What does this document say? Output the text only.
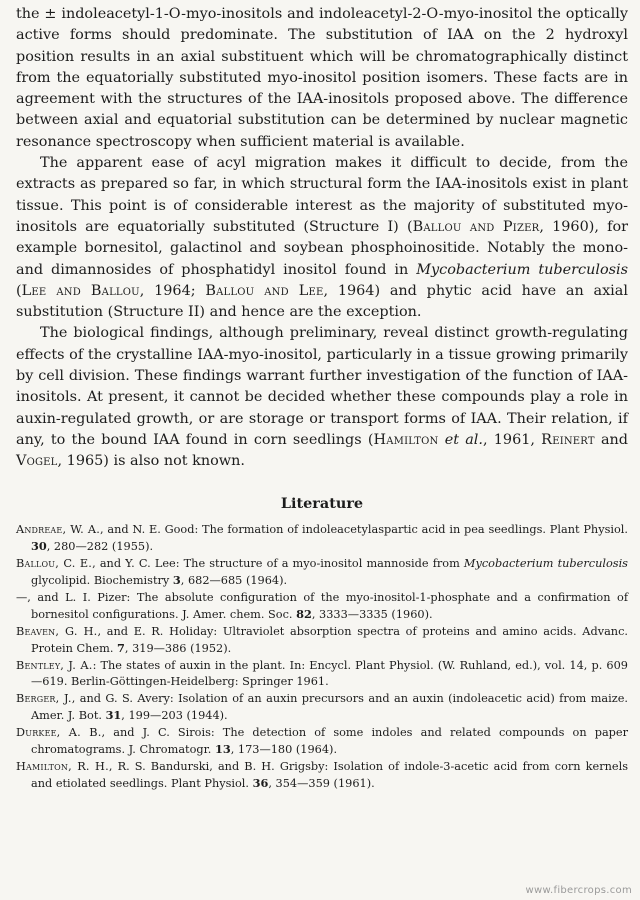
the ± indoleacetyl-1-O-myo-inositols and indoleacetyl-2-O-myo-inositol the optically active forms should predominate. The substitution of IAA on the 2 hydroxyl position results in an axial substituent which will be chromatographically distinct from the equatorially substituted myo-inositol position isomers. These facts are in agreement with the structures of the IAA-inositols proposed above. The difference between axial and equatorial substitution can be determined by nuclear magnetic resonance spectroscopy when sufficient material is available.

The apparent ease of acyl migration makes it difficult to decide, from the extracts as prepared so far, in which structural form the IAA-inositols exist in plant tissue. This point is of considerable interest as the majority of substituted myo-inositols are equatorially substituted (Structure I) (Ballou and Pizer, 1960), for example bornesitol, galactinol and soybean phosphoinositide. Notably the mono- and dimannosides of phosphatidyl inositol found in Mycobacterium tuberculosis (Lee and Ballou, 1964; Ballou and Lee, 1964) and phytic acid have an axial substitution (Structure II) and hence are the exception.

The biological findings, although preliminary, reveal distinct growth-regulating effects of the crystalline IAA-myo-inositol, particularly in a tissue growing primarily by cell division. These findings warrant further investigation of the function of IAA-inositols. At present, it cannot be decided whether these compounds play a role in auxin-regulated growth, or are storage or transport forms of IAA. Their relation, if any, to the bound IAA found in corn seedlings (Hamilton et al., 1961, Reinert and Vogel, 1965) is also not known.

Literature
Andreae, W. A., and N. E. Good: The formation of indoleacetylaspartic acid in pea seedlings. Plant Physiol. 30, 280—282 (1955).
Ballou, C. E., and Y. C. Lee: The structure of a myo-inositol mannoside from Mycobacterium tuberculosis glycolipid. Biochemistry 3, 682—685 (1964).
—, and L. I. Pizer: The absolute configuration of the myo-inositol-1-phosphate and a confirmation of bornesitol configurations. J. Amer. chem. Soc. 82, 3333—3335 (1960).
Beaven, G. H., and E. R. Holiday: Ultraviolet absorption spectra of proteins and amino acids. Advanc. Protein Chem. 7, 319—386 (1952).
Bentley, J. A.: The states of auxin in the plant. In: Encycl. Plant Physiol. (W. Ruhland, ed.), vol. 14, p. 609—619. Berlin-Göttingen-Heidelberg: Springer 1961.
Berger, J., and G. S. Avery: Isolation of an auxin precursors and an auxin (indoleacetic acid) from maize. Amer. J. Bot. 31, 199—203 (1944).
Durkee, A. B., and J. C. Sirois: The detection of some indoles and related compounds on paper chromatograms. J. Chromatogr. 13, 173—180 (1964).
Hamilton, R. H., R. S. Bandurski, and B. H. Grigsby: Isolation of indole-3-acetic acid from corn kernels and etiolated seedlings. Plant Physiol. 36, 354—359 (1961).
www.fibercrops.com
